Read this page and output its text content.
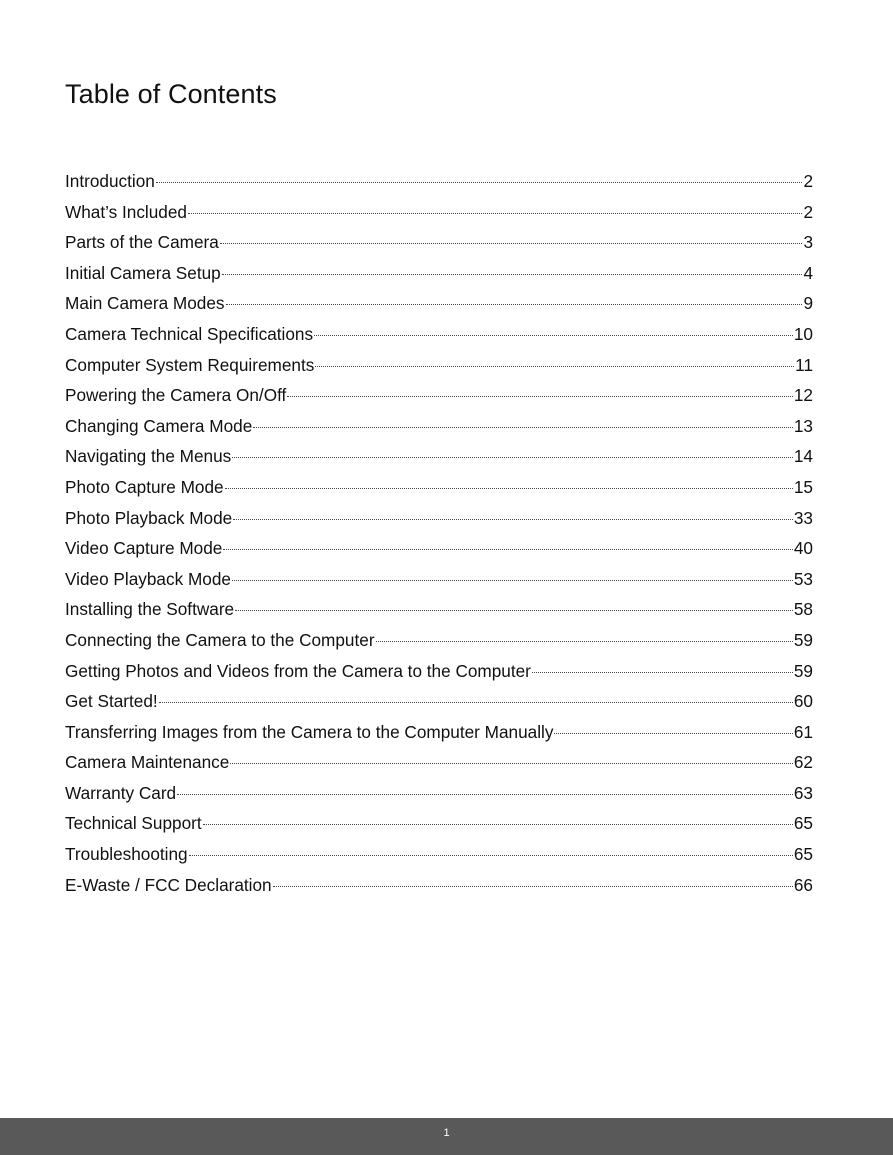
Table of Contents
Introduction	2
What’s Included	2
Parts of the Camera	3
Initial Camera Setup	4
Main Camera Modes	9
Camera Technical Specifications	10
Computer System Requirements	11
Powering the Camera On/Off	12
Changing Camera Mode	13
Navigating the Menus	14
Photo Capture Mode	15
Photo Playback Mode	33
Video Capture Mode	40
Video Playback Mode	53
Installing the Software	58
Connecting the Camera to the Computer	59
Getting Photos and Videos from the Camera to the Computer	59
Get Started!	60
Transferring Images from the Camera to the Computer Manually	61
Camera Maintenance	62
Warranty Card	63
Technical Support	65
Troubleshooting	65
E-Waste / FCC Declaration	66
1
